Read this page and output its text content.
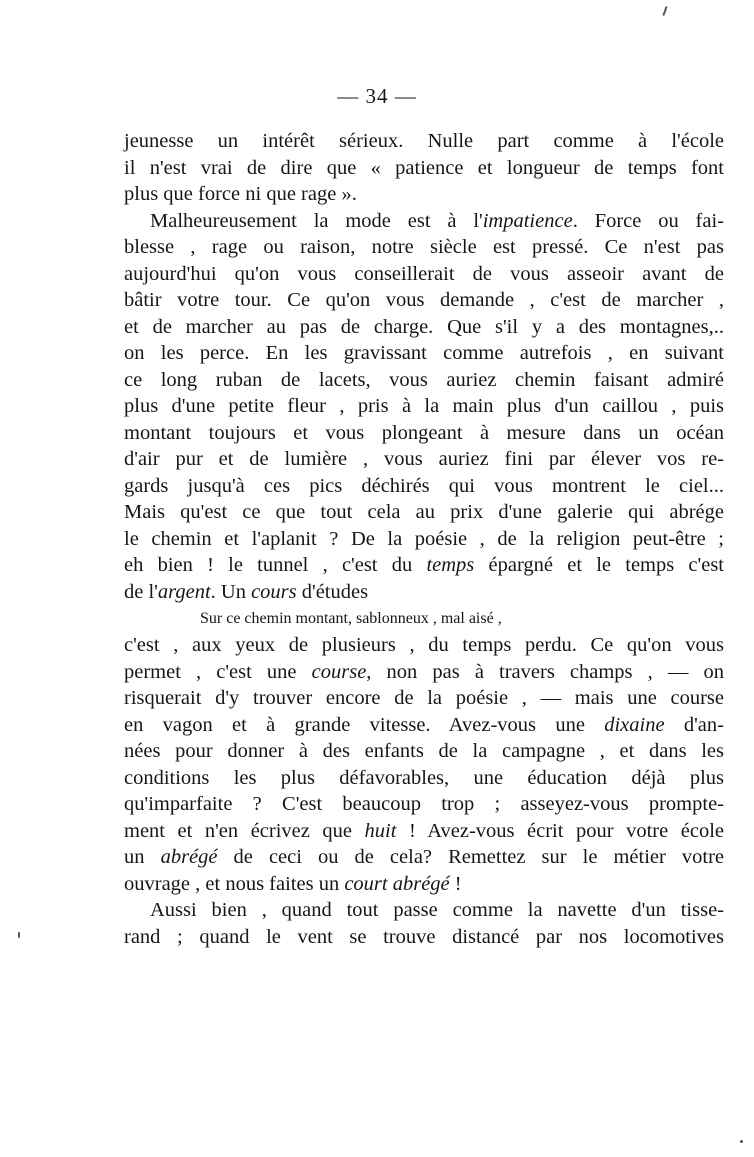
— 34 —
jeunesse un intérêt sérieux. Nulle part comme à l'école
il n'est vrai de dire que « patience et longueur de temps font
plus que force ni que rage ».
Malheureusement la mode est à l'impatience. Force ou fai-
blesse , rage ou raison, notre siècle est pressé. Ce n'est pas
aujourd'hui qu'on vous conseillerait de vous asseoir avant de
bâtir votre tour. Ce qu'on vous demande , c'est de marcher ,
et de marcher au pas de charge. Que s'il y a des montagnes,..
on les perce. En les gravissant comme autrefois , en suivant
ce long ruban de lacets, vous auriez chemin faisant admiré
plus d'une petite fleur , pris à la main plus d'un caillou , puis
montant toujours et vous plongeant à mesure dans un océan
d'air pur et de lumière , vous auriez fini par élever vos re-
gards jusqu'à ces pics déchirés qui vous montrent le ciel...
Mais qu'est ce que tout cela au prix d'une galerie qui abrége
le chemin et l'aplanit ? De la poésie , de la religion peut-être ;
eh bien ! le tunnel , c'est du temps épargné et le temps c'est
de l'argent. Un cours d'études
Sur ce chemin montant, sablonneux , mal aisé ,
c'est , aux yeux de plusieurs , du temps perdu. Ce qu'on vous
permet , c'est une course, non pas à travers champs , — on
risquerait d'y trouver encore de la poésie , — mais une course
en vagon et à grande vitesse. Avez-vous une dixaine d'an-
nées pour donner à des enfants de la campagne , et dans les
conditions les plus défavorables, une éducation déjà plus
qu'imparfaite ? C'est beaucoup trop ; asseyez-vous prompte-
ment et n'en écrivez que huit ! Avez-vous écrit pour votre école
un abrégé de ceci ou de cela? Remettez sur le métier votre
ouvrage , et nous faites un court abrégé !
Aussi bien , quand tout passe comme la navette d'un tisse-
rand ; quand le vent se trouve distancé par nos locomotives
